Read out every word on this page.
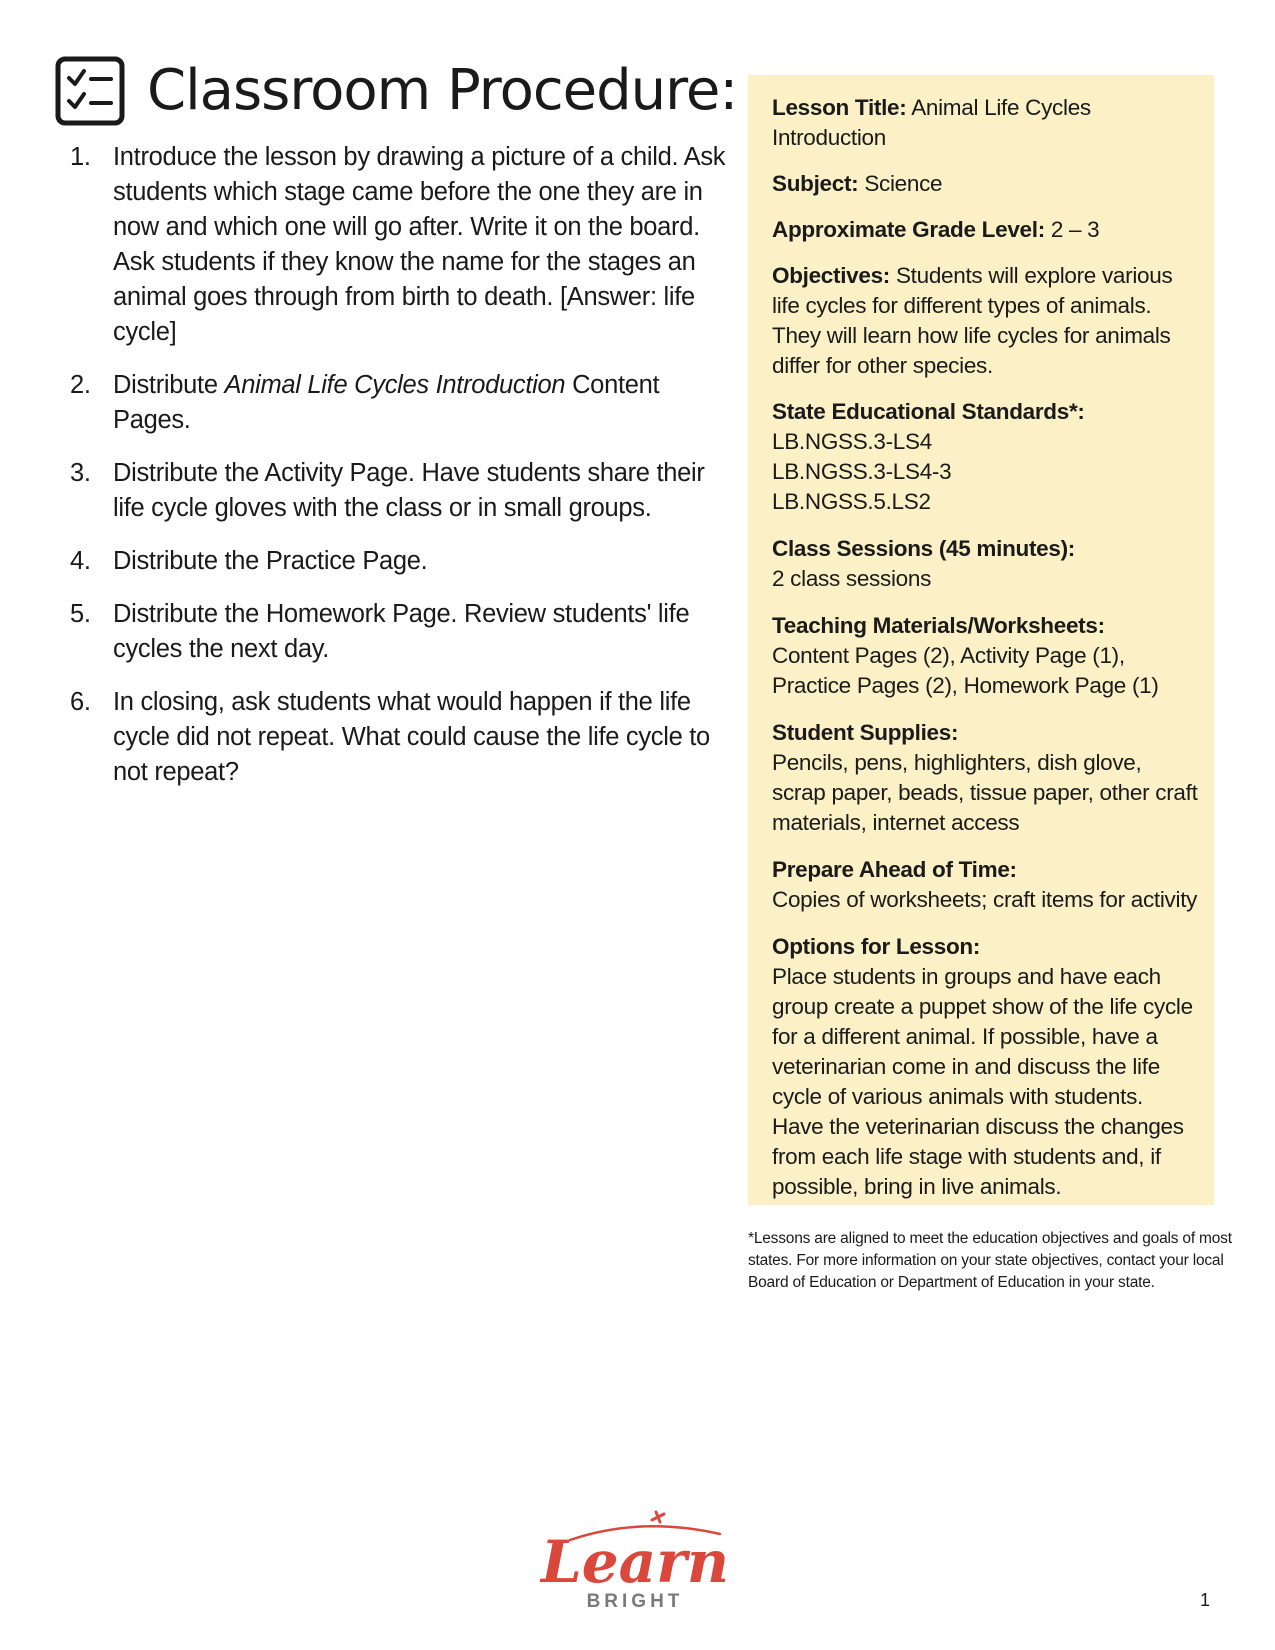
Classroom Procedure:
1. Introduce the lesson by drawing a picture of a child. Ask students which stage came before the one they are in now and which one will go after. Write it on the board. Ask students if they know the name for the stages an animal goes through from birth to death. [Answer: life cycle]
2. Distribute Animal Life Cycles Introduction Content Pages.
3. Distribute the Activity Page. Have students share their life cycle gloves with the class or in small groups.
4. Distribute the Practice Page.
5. Distribute the Homework Page. Review students' life cycles the next day.
6. In closing, ask students what would happen if the life cycle did not repeat. What could cause the life cycle to not repeat?

Lesson Title: Animal Life Cycles Introduction

Subject: Science

Approximate Grade Level: 2 – 3

Objectives: Students will explore various life cycles for different types of animals. They will learn how life cycles for animals differ for other species.

State Educational Standards*:
LB.NGSS.3-LS4
LB.NGSS.3-LS4-3
LB.NGSS.5.LS2
Class Sessions (45 minutes):
2 class sessions
Teaching Materials/Worksheets:
Content Pages (2), Activity Page (1), Practice Pages (2), Homework Page (1)
Student Supplies:
Pencils, pens, highlighters, dish glove, scrap paper, beads, tissue paper, other craft materials, internet access
Prepare Ahead of Time:
Copies of worksheets; craft items for activity
Options for Lesson:
Place students in groups and have each group create a puppet show of the life cycle for a different animal. If possible, have a veterinarian come in and discuss the life cycle of various animals with students. Have the veterinarian discuss the changes from each life stage with students and, if possible, bring in live animals.

*Lessons are aligned to meet the education objectives and goals of most states. For more information on your state objectives, contact your local Board of Education or Department of Education in your state.

Learn
BRIGHT	1
